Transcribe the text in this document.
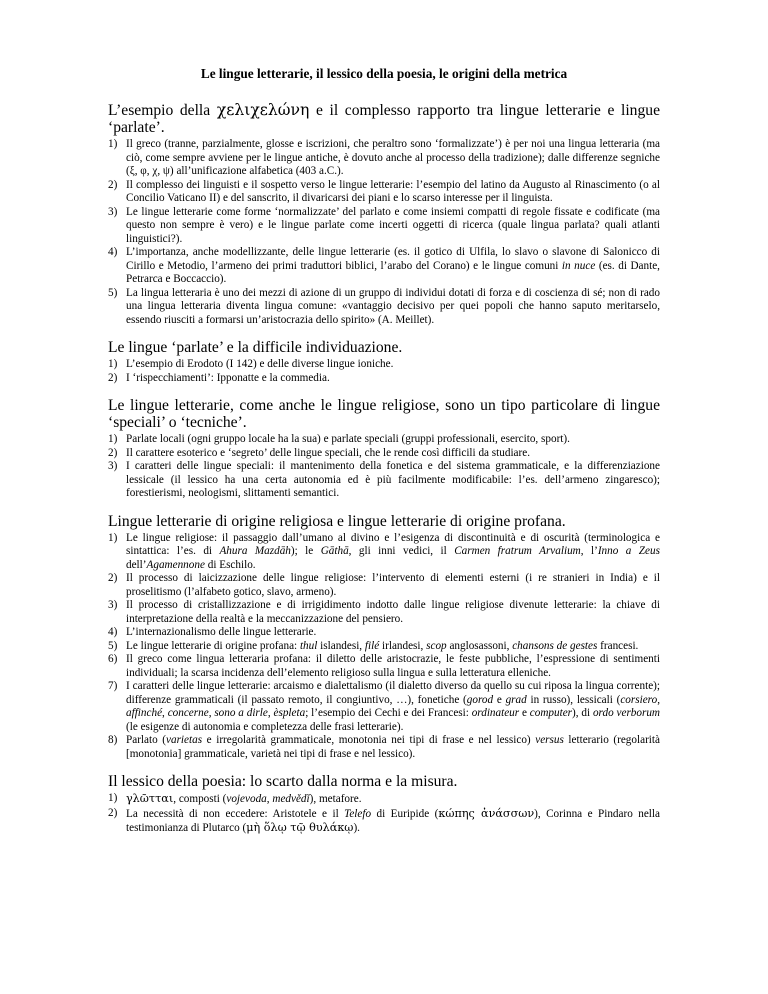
Le lingue letterarie, il lessico della poesia, le origini della metrica
L’esempio della χελιχελώνη e il complesso rapporto tra lingue letterarie e lingue ‘parlate’.
1) Il greco (tranne, parzialmente, glosse e iscrizioni, che peraltro sono ‘formalizzate’) è per noi una lingua letteraria (ma ciò, come sempre avviene per le lingue antiche, è dovuto anche al processo della tradizione); dalle differenze segniche (ξ, φ, χ, ψ) all’unificazione alfabetica (403 a.C.).
2) Il complesso dei linguisti e il sospetto verso le lingue letterarie: l’esempio del latino da Augusto al Rinascimento (o al Concilio Vaticano II) e del sanscrito, il divaricarsi dei piani e lo scarso interesse per il linguista.
3) Le lingue letterarie come forme ‘normalizzate’ del parlato e come insiemi compatti di regole fissate e codificate (ma questo non sempre è vero) e le lingue parlate come incerti oggetti di ricerca (quale lingua parlata? quali atlanti linguistici?).
4) L’importanza, anche modellizzante, delle lingue letterarie (es. il gotico di Ulfila, lo slavo o slavone di Salonicco di Cirillo e Metodio, l’armeno dei primi traduttori biblici, l’arabo del Corano) e le lingue comuni in nuce (es. di Dante, Petrarca e Boccaccio).
5) La lingua letteraria è uno dei mezzi di azione di un gruppo di individui dotati di forza e di coscienza di sé; non di rado una lingua letteraria diventa lingua comune: «vantaggio decisivo per quei popoli che hanno saputo meritarselo, essendo riusciti a formarsi un’aristocrazia dello spirito» (A. Meillet).
Le lingue ‘parlate’ e la difficile individuazione.
1) L’esempio di Erodoto (I 142) e delle diverse lingue ioniche.
2) I ‘rispecchiamenti’: Ipponatte e la commedia.
Le lingue letterarie, come anche le lingue religiose, sono un tipo particolare di lingue ‘speciali’ o ‘tecniche’.
1) Parlate locali (ogni gruppo locale ha la sua) e parlate speciali (gruppi professionali, esercito, sport).
2) Il carattere esoterico e ‘segreto’ delle lingue speciali, che le rende così difficili da studiare.
3) I caratteri delle lingue speciali: il mantenimento della fonetica e del sistema grammaticale, e la differenziazione lessicale (il lessico ha una certa autonomia ed è più facilmente modificabile: l’es. dell’armeno zingaresco); forestierismi, neologismi, slittamenti semantici.
Lingue letterarie di origine religiosa e lingue letterarie di origine profana.
1) Le lingue religiose: il passaggio dall’umano al divino e l’esigenza di discontinuità e di oscurità (terminologica e sintattica: l’es. di Ahura Mazdāh); le Gāthā, gli inni vedici, il Carmen fratrum Arvalium, l’Inno a Zeus dell’Agamennone di Eschilo.
2) Il processo di laicizzazione delle lingue religiose: l’intervento di elementi esterni (i re stranieri in India) e il proselitismo (l’alfabeto gotico, slavo, armeno).
3) Il processo di cristallizzazione e di irrigidimento indotto dalle lingue religiose divenute letterarie: la chiave di interpretazione della realtà e la meccanizzazione del pensiero.
4) L’internazionalismo delle lingue letterarie.
5) Le lingue letterarie di origine profana: thul islandesi, filé irlandesi, scop anglosassoni, chansons de gestes francesi.
6) Il greco come lingua letteraria profana: il diletto delle aristocrazie, le feste pubbliche, l’espressione di sentimenti individuali; la scarsa incidenza dell’elemento religioso sulla lingua e sulla letteratura elleniche.
7) I caratteri delle lingue letterarie: arcaismo e dialettalismo (il dialetto diverso da quello su cui riposa la lingua corrente); differenze grammaticali (il passato remoto, il congiuntivo, …), fonetiche (gorod e grad in russo), lessicali (corsiero, affinché, concerne, sono a dirle, èspleta; l’esempio dei Cechi e dei Francesi: ordinateur e computer), di ordo verborum (le esigenze di autonomia e completezza delle frasi letterarie).
8) Parlato (varietas e irregolarità grammaticale, monotonia nei tipi di frase e nel lessico) versus letterario (regolarità [monotonia] grammaticale, varietà nei tipi di frase e nel lessico).
Il lessico della poesia: lo scarto dalla norma e la misura.
1) γλῶτται, composti (vojevoda, medvědĭ), metafore.
2) La necessità di non eccedere: Aristotele e il Telefo di Euripide (κώπης ἀνάσσων), Corinna e Pindaro nella testimonianza di Plutarco (μὴ ὅλῳ τῷ θυλάκῳ).
